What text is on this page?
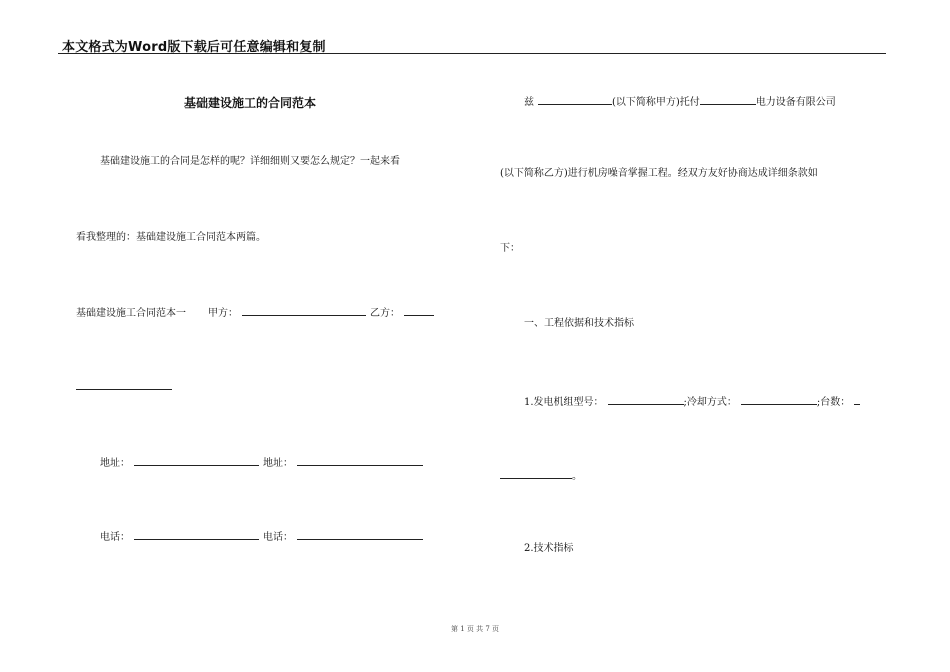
本文格式为Word版下载后可任意编辑和复制
基础建设施工的合同范本
基础建设施工的合同是怎样的呢？详细细则又要怎么规定？一起来看
看我整理的：基础建设施工合同范本两篇。
基础建设施工合同范本一 甲方：	乙方：
地址：	地址：
电话：	电话：
兹	(以下简称甲方)托付	电力设备有限公司
(以下简称乙方)进行机房噪音掌握工程。经双方友好协商达成详细条款如
下：
一、工程依据和技术指标
1.发电机组型号：	;冷却方式：	;台数：
。
2.技术指标
第 1 页 共 7 页
